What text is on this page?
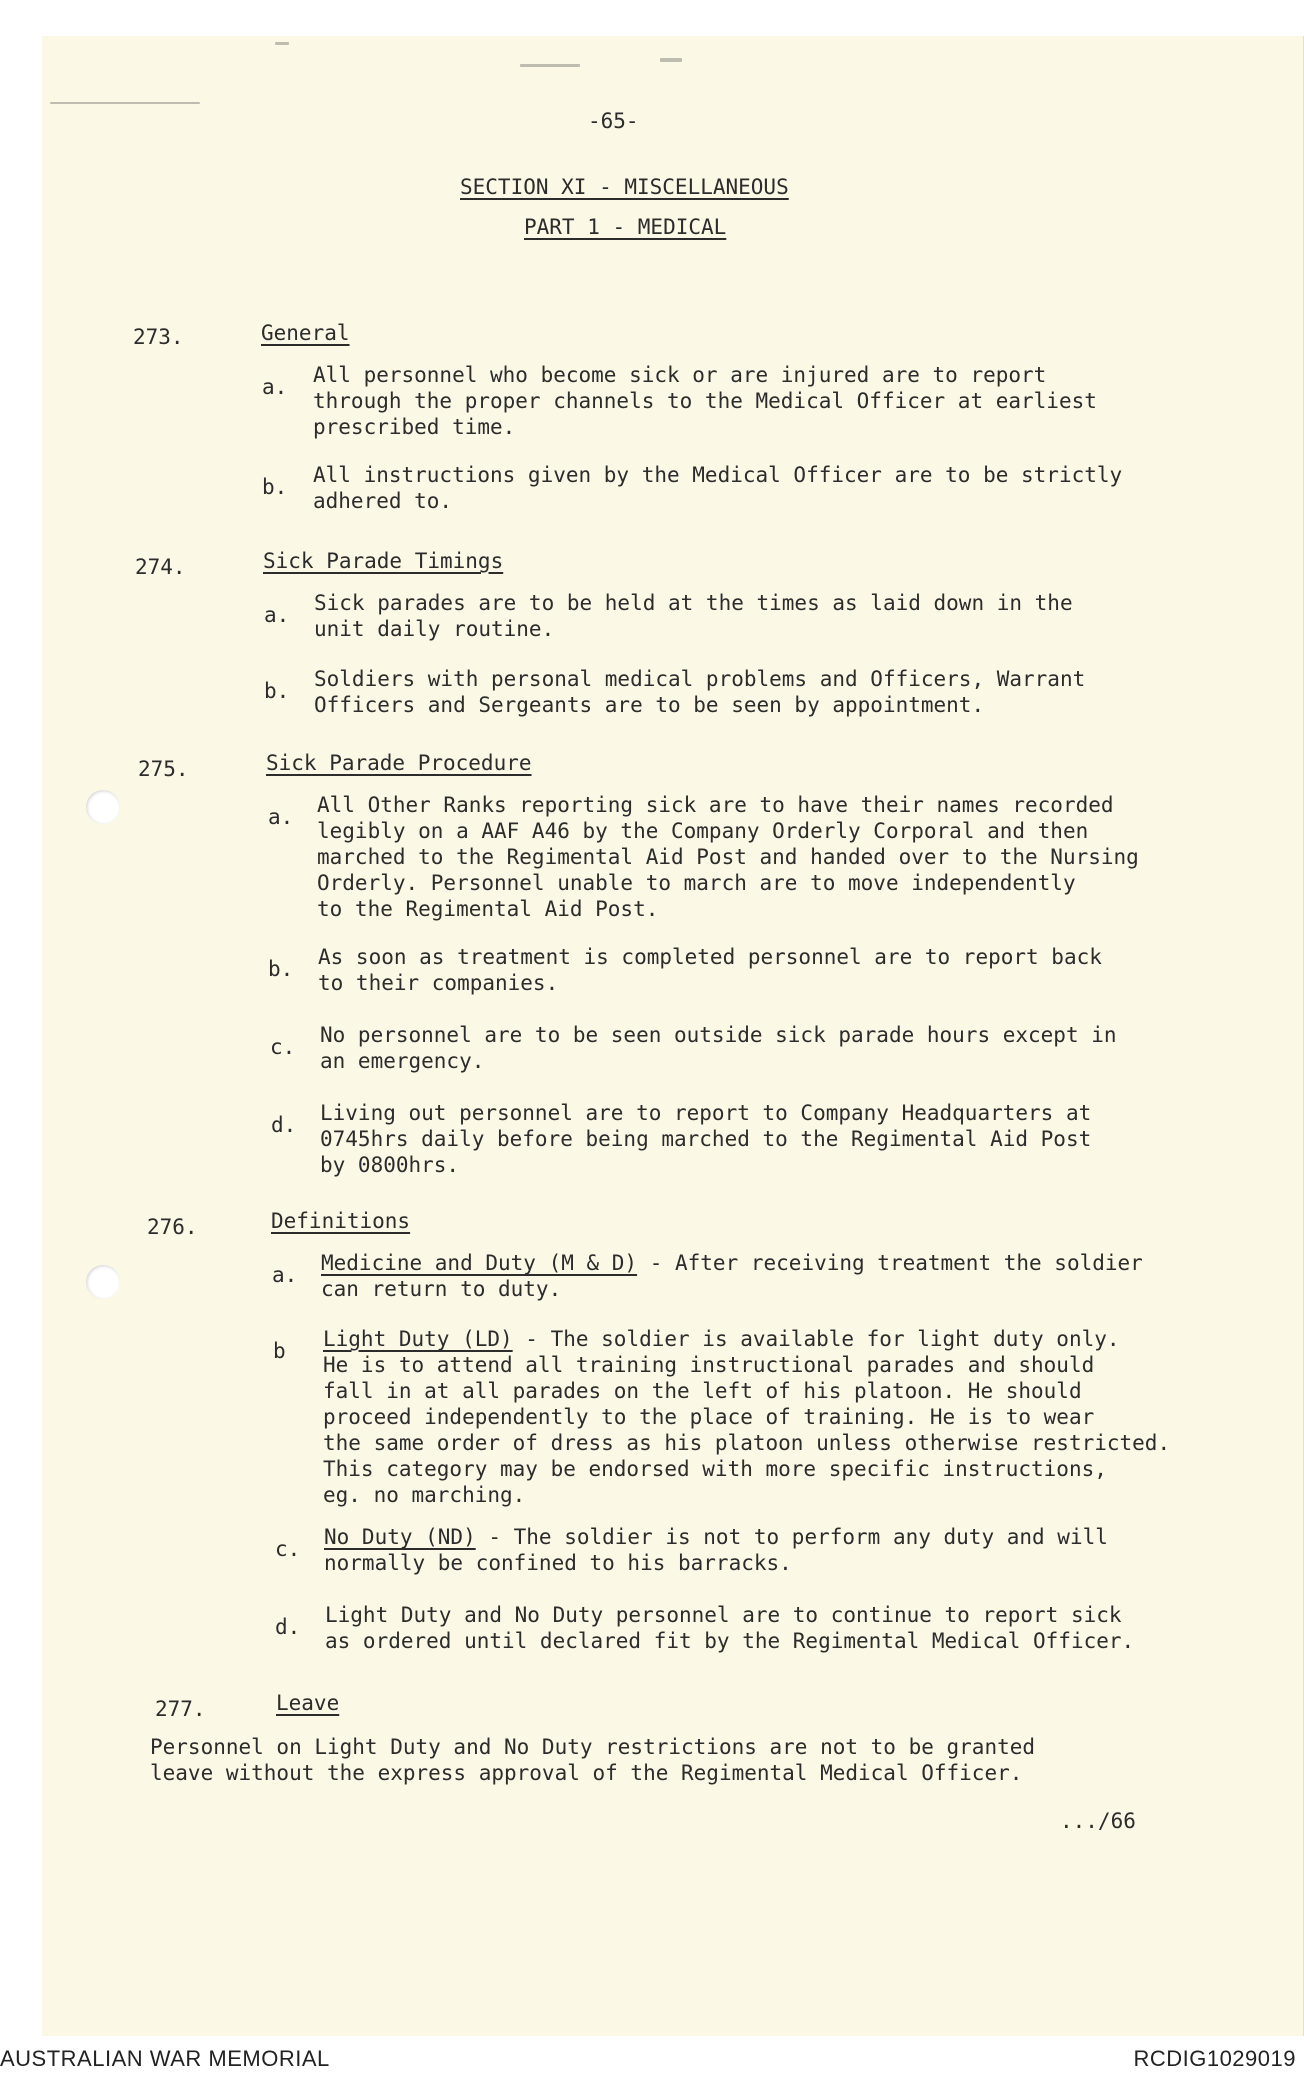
-65-
SECTION XI - MISCELLANEOUS
PART 1 - MEDICAL
273.	General
a. All personnel who become sick or are injured are to report
through the proper channels to the Medical Officer at earliest
prescribed time.
b. All instructions given by the Medical Officer are to be strictly
adhered to.
274.	Sick Parade Timings
a. Sick parades are to be held at the times as laid down in the
unit daily routine.
b. Soldiers with personal medical problems and Officers, Warrant
Officers and Sergeants are to be seen by appointment.
275.	Sick Parade Procedure
a. All Other Ranks reporting sick are to have their names recorded
legibly on a AAF A46 by the Company Orderly Corporal and then
marched to the Regimental Aid Post and handed over to the Nursing
Orderly. Personnel unable to march are to move independently
to the Regimental Aid Post.
b. As soon as treatment is completed personnel are to report back
to their companies.
c. No personnel are to be seen outside sick parade hours except in
an emergency.
d. Living out personnel are to report to Company Headquarters at
0745hrs daily before being marched to the Regimental Aid Post
by 0800hrs.
276.	Definitions
a. Medicine and Duty (M & D) - After receiving treatment the soldier
can return to duty.
b Light Duty (LD) - The soldier is available for light duty only.
He is to attend all training instructional parades and should
fall in at all parades on the left of his platoon. He should
proceed independently to the place of training. He is to wear
the same order of dress as his platoon unless otherwise restricted.
This category may be endorsed with more specific instructions,
eg. no marching.
c. No Duty (ND) - The soldier is not to perform any duty and will
normally be confined to his barracks.
d. Light Duty and No Duty personnel are to continue to report sick
as ordered until declared fit by the Regimental Medical Officer.
277.	Leave
Personnel on Light Duty and No Duty restrictions are not to be granted
leave without the express approval of the Regimental Medical Officer.
.../66
AUSTRALIAN WAR MEMORIAL	RCDIG1029019
